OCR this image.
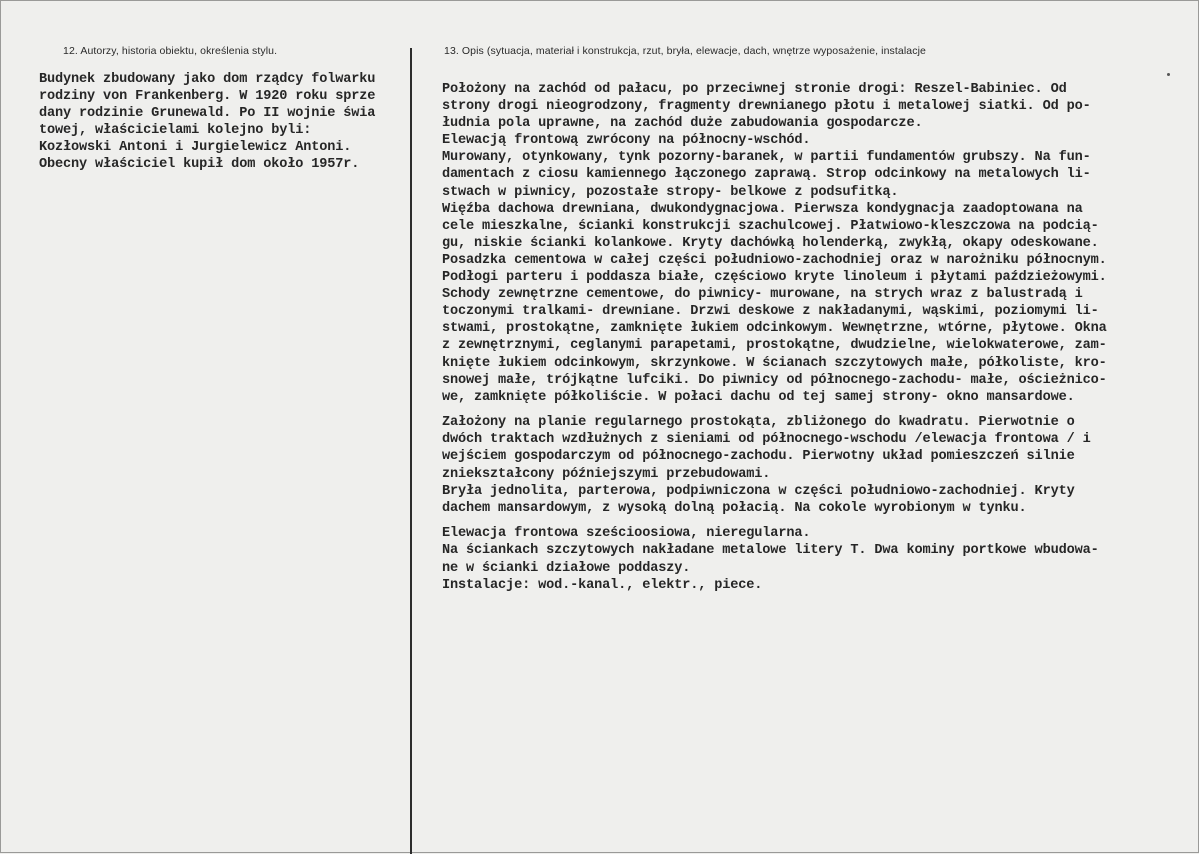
12. Autorzy, historia obiektu, określenia stylu.	13. Opis (sytuacja, materiał i konstrukcja, rzut, bryła, elewacje, dach, wnętrze wyposażenie, instalacje
Budynek zbudowany jako dom rządcy folwarku
rodziny von Frankenberg. W 1920 roku sprze
dany rodzinie Grunewald. Po II wojnie świa
towej, właścicielami kolejno byli:
Kozłowski Antoni i Jurgielewicz Antoni.
Obecny właściciel kupił dom około 1957r.
Położony na zachód od pałacu, po przeciwnej stronie drogi: Reszel-Babiniec. Od
strony drogi nieogrodzony, fragmenty drewnianego płotu i metalowej siatki. Od po-
łudnia pola uprawne, na zachód duże zabudowania gospodarcze.
Elewacją frontową zwrócony na północny-wschód.
Murowany, otynkowany, tynk pozorny-baranek, w partii fundamentów grubszy. Na fun-
damentach z ciosu kamiennego łączonego zaprawą. Strop odcinkowy na metalowych li-
stwach w piwnicy, pozostałe stropy- belkowe z podsufitką.
Więźba dachowa drewniana, dwukondygnacjowa. Pierwsza kondygnacja zaadoptowana na
cele mieszkalne, ścianki konstrukcji szachulcowej. Płatwiowo-kleszczowa na podcią-
gu, niskie ścianki kolankowe. Kryty dachówką holenderką, zwykłą, okapy odeskowane.
Posadzka cementowa w całej części południowo-zachodniej oraz w narożniku północnym.
Podłogi parteru i poddasza białe, częściowo kryte linoleum i płytami paździeżowymi.
Schody zewnętrzne cementowe, do piwnicy- murowane, na strych wraz z balustradą i
toczonymi tralkami- drewniane. Drzwi deskowe z nakładanymi, wąskimi, poziomymi li-
stwami, prostokątne, zamknięte łukiem odcinkowym. Wewnętrzne, wtórne, płytowe. Okna
z zewnętrznymi, ceglanymi parapetami, prostokątne, dwudzielne, wielokwaterowe, zam-
knięte łukiem odcinkowym, skrzynkowe. W ścianach szczytowych małe, półkoliste, kro-
snowej małe, trójkątne lufciki. Do piwnicy od północnego-zachodu- małe, ościeżnico-
we, zamknięte półkoliście. W połaci dachu od tej samej strony- okno mansardowe.
Założony na planie regularnego prostokąta, zbliżonego do kwadratu. Pierwotnie o
dwóch traktach wzdłużnych z sieniami od północnego-wschodu /elewacja frontowa / i
wejściem gospodarczym od północnego-zachodu. Pierwotny układ pomieszczeń silnie
zniekształcony późniejszymi przebudowami.
Bryła jednolita, parterowa, podpiwniczona w części południowo-zachodniej. Kryty
dachem mansardowym, z wysoką dolną połacią. Na cokole wyrobionym w tynku.
Elewacja frontowa sześcioosiowa, nieregularna.
Na ściankach szczytowych nakładane metalowe litery T. Dwa kominy portkowe wbudowa-
ne w ścianki działowe poddaszy.
Instalacje: wod.-kanal., elektr., piece.
